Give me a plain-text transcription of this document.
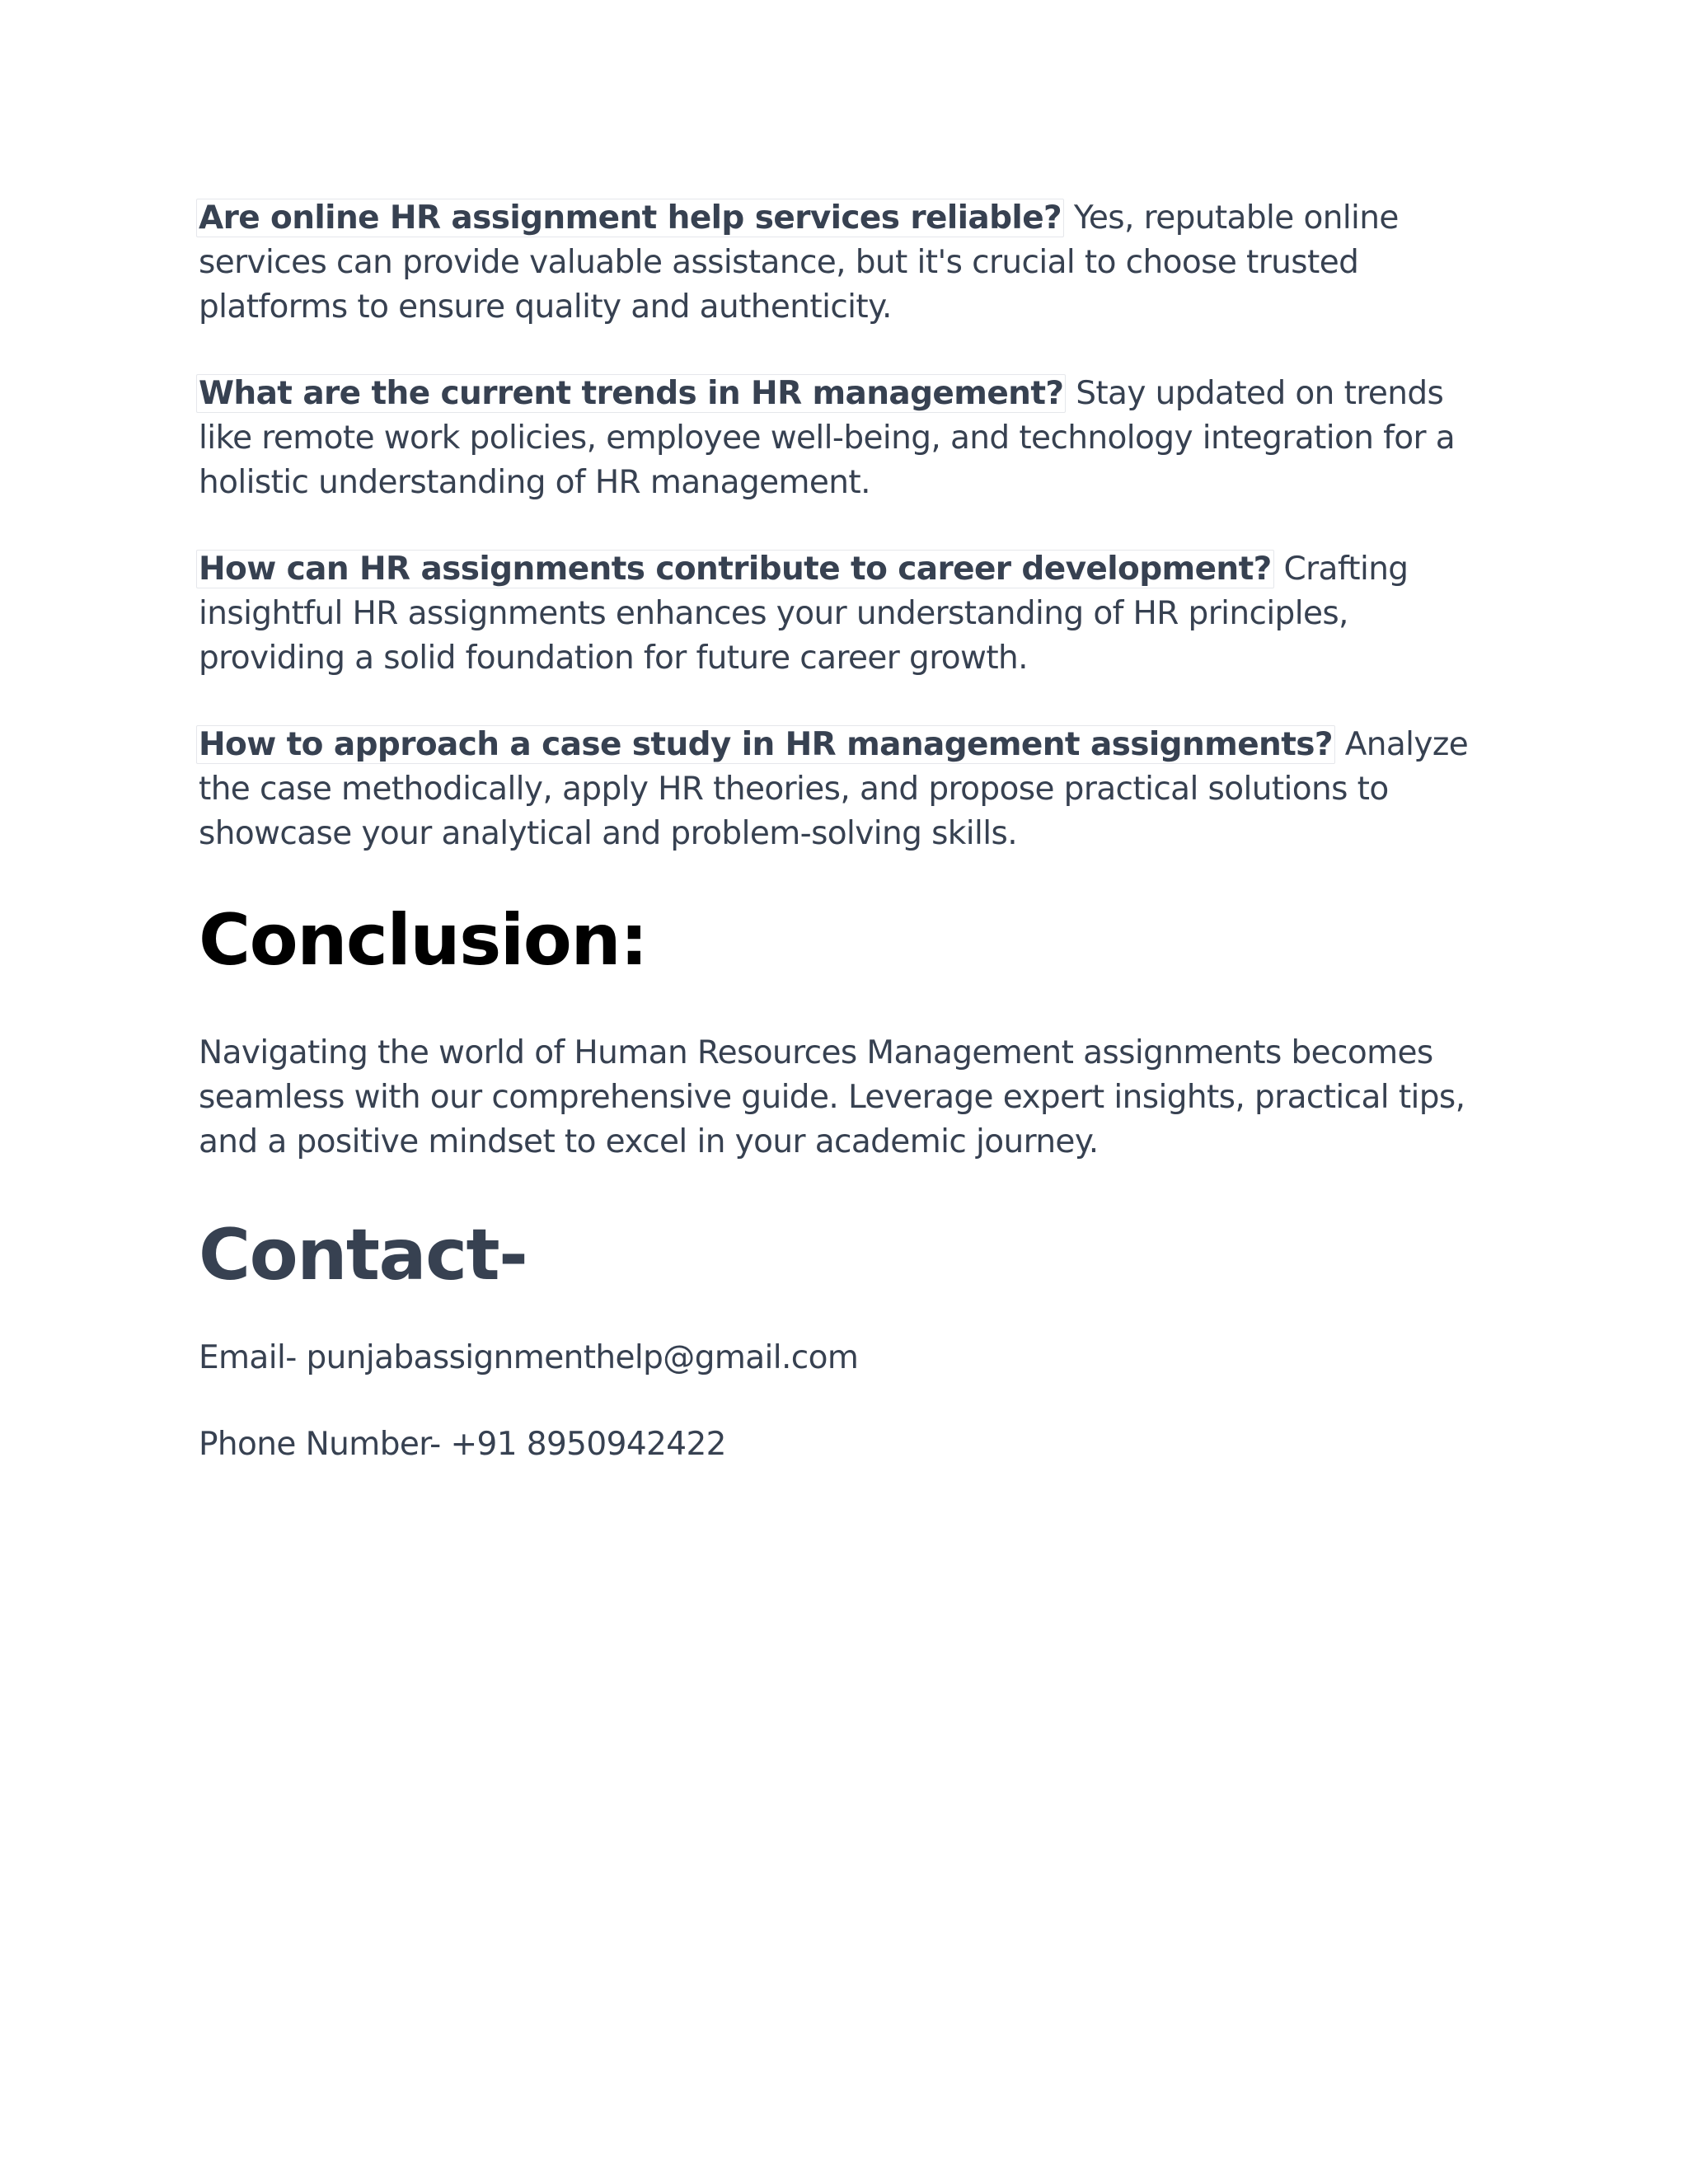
Are online HR assignment help services reliable? Yes, reputable online services can provide valuable assistance, but it's crucial to choose trusted platforms to ensure quality and authenticity.

What are the current trends in HR management? Stay updated on trends like remote work policies, employee well-being, and technology integration for a holistic understanding of HR management.

How can HR assignments contribute to career development? Crafting insightful HR assignments enhances your understanding of HR principles, providing a solid foundation for future career growth.

How to approach a case study in HR management assignments? Analyze the case methodically, apply HR theories, and propose practical solutions to showcase your analytical and problem-solving skills.

Conclusion:

Navigating the world of Human Resources Management assignments becomes seamless with our comprehensive guide. Leverage expert insights, practical tips, and a positive mindset to excel in your academic journey.

Contact-

Email- punjabassignmenthelp@gmail.com

Phone Number- +91 8950942422
